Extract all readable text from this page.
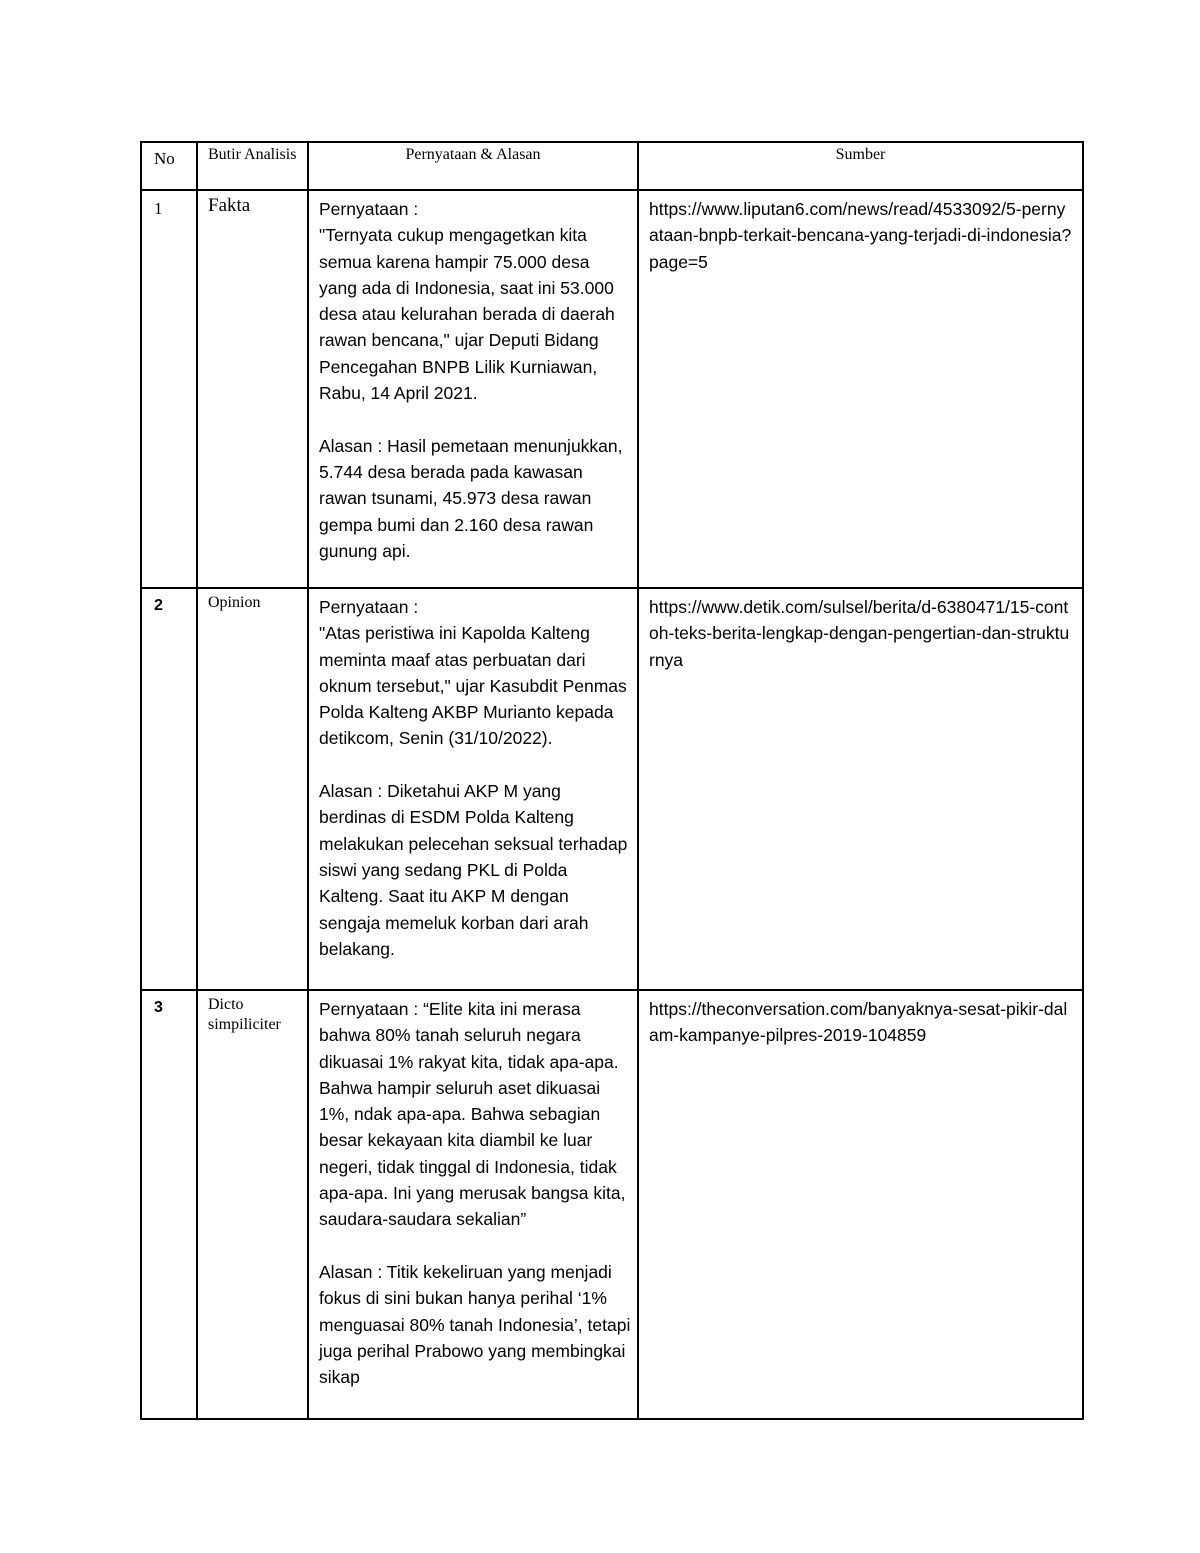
No	Butir Analisis	Pernyataan & Alasan	Sumber
1	Fakta	Pernyataan :
"Ternyata cukup mengagetkan kita semua karena hampir 75.000 desa yang ada di Indonesia, saat ini 53.000 desa atau kelurahan berada di daerah rawan bencana," ujar Deputi Bidang Pencegahan BNPB Lilik Kurniawan, Rabu, 14 April 2021.
Alasan : Hasil pemetaan menunjukkan, 5.744 desa berada pada kawasan rawan tsunami, 45.973 desa rawan gempa bumi dan 2.160 desa rawan gunung api.	https://www.liputan6.com/news/read/4533092/5-pernyataan-bnpb-terkait-bencana-yang-terjadi-di-indonesia?page=5
2	Opinion	Pernyataan :
"Atas peristiwa ini Kapolda Kalteng meminta maaf atas perbuatan dari oknum tersebut," ujar Kasubdit Penmas Polda Kalteng AKBP Murianto kepada detikcom, Senin (31/10/2022).
Alasan : Diketahui AKP M yang berdinas di ESDM Polda Kalteng melakukan pelecehan seksual terhadap siswi yang sedang PKL di Polda Kalteng. Saat itu AKP M dengan sengaja memeluk korban dari arah belakang.	https://www.detik.com/sulsel/berita/d-6380471/15-contoh-teks-berita-lengkap-dengan-pengertian-dan-strukturnya
3	Dicto simpiliciter	Pernyataan : “Elite kita ini merasa bahwa 80% tanah seluruh negara dikuasai 1% rakyat kita, tidak apa-apa. Bahwa hampir seluruh aset dikuasai 1%, ndak apa-apa. Bahwa sebagian besar kekayaan kita diambil ke luar negeri, tidak tinggal di Indonesia, tidak apa-apa. Ini yang merusak bangsa kita, saudara-saudara sekalian”
Alasan : Titik kekeliruan yang menjadi fokus di sini bukan hanya perihal ‘1% menguasai 80% tanah Indonesia’, tetapi juga perihal Prabowo yang membingkai sikap	https://theconversation.com/banyaknya-sesat-pikir-dalam-kampanye-pilpres-2019-104859
